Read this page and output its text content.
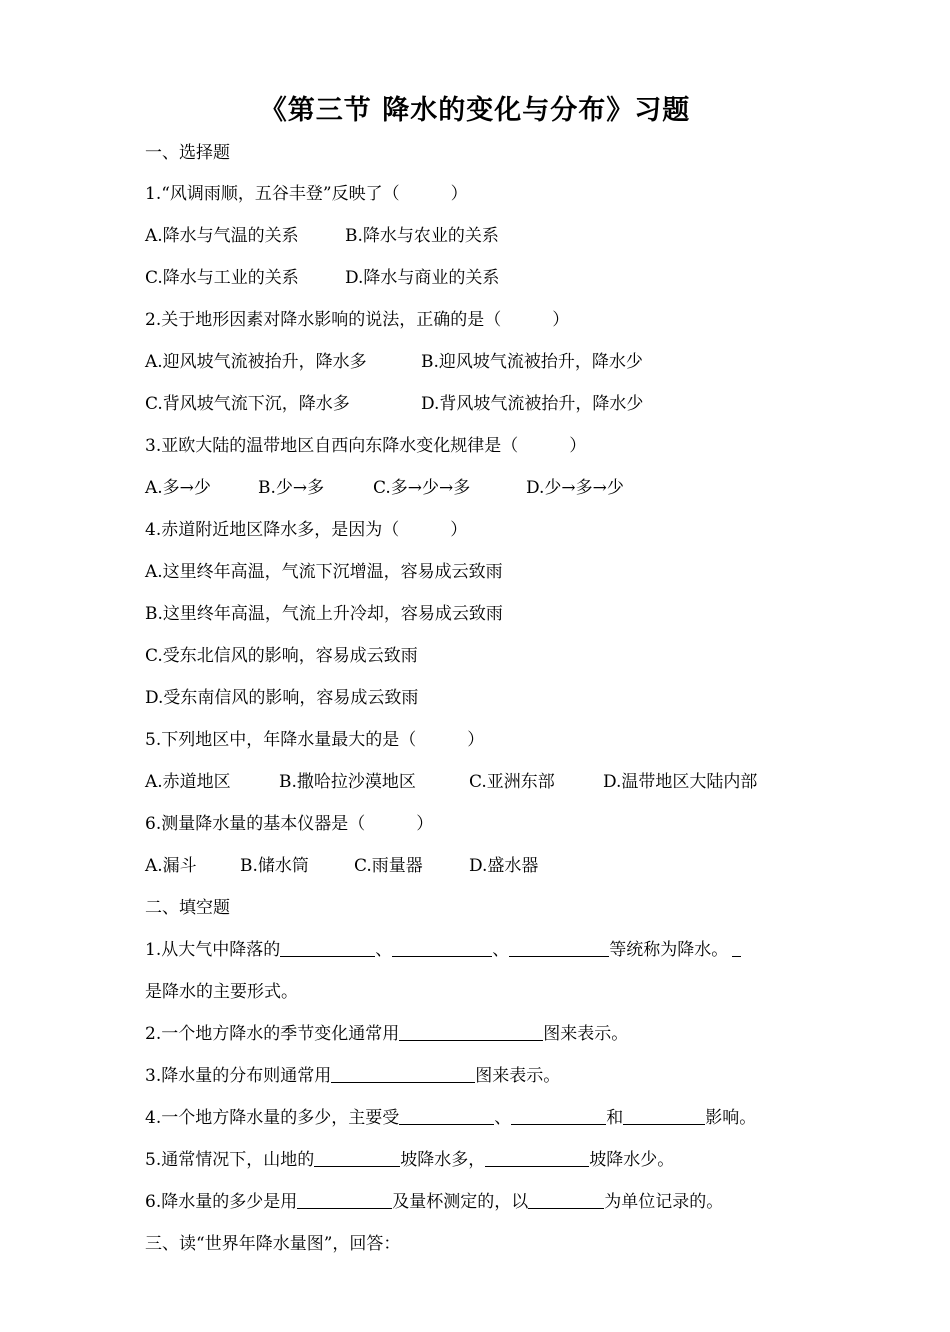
《第三节 降水的变化与分布》习题
一、选择题
1.“风调雨顺，五谷丰登”反映了（　　　）
A.降水与气温的关系	B.降水与农业的关系
C.降水与工业的关系	D.降水与商业的关系
2.关于地形因素对降水影响的说法，正确的是（　　　）
A.迎风坡气流被抬升，降水多	B.迎风坡气流被抬升，降水少
C.背风坡气流下沉，降水多	D.背风坡气流被抬升，降水少
3.亚欧大陆的温带地区自西向东降水变化规律是（　　　）
A.多→少	B.少→多	C.多→少→多	D.少→多→少
4.赤道附近地区降水多，是因为（　　　）
A.这里终年高温，气流下沉增温，容易成云致雨
B.这里终年高温，气流上升冷却，容易成云致雨
C.受东北信风的影响，容易成云致雨
D.受东南信风的影响，容易成云致雨
5.下列地区中，年降水量最大的是（　　　）
A.赤道地区	B.撒哈拉沙漠地区	C.亚洲东部	D.温带地区大陆内部
6.测量降水量的基本仪器是（　　　）
A.漏斗	B.储水筒	C.雨量器	D.盛水器
二、填空题
1.从大气中降落的	、	、	等统称为降水。
是降水的主要形式。
2.一个地方降水的季节变化通常用	图来表示。
3.降水量的分布则通常用	图来表示。
4.一个地方降水量的多少，主要受	、	和	影响。
5.通常情况下，山地的	坡降水多，	坡降水少。
6.降水量的多少是用	及量杯测定的，以	为单位记录的。
三、读“世界年降水量图”，回答：
